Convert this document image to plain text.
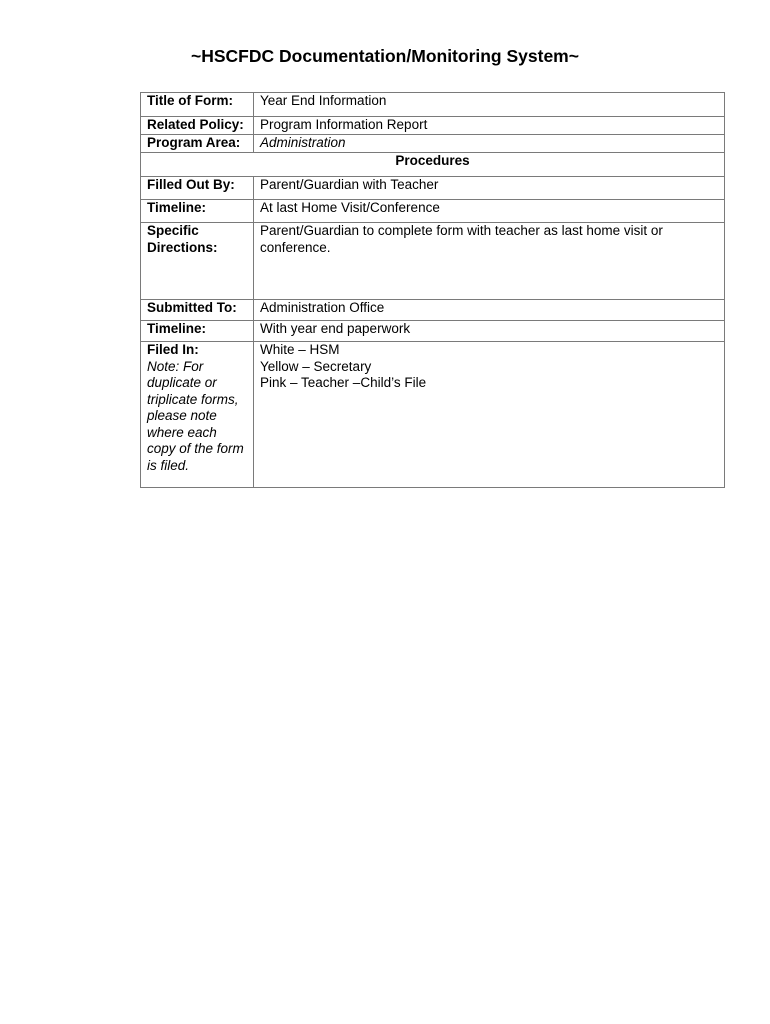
~HSCFDC Documentation/Monitoring System~
Title of Form:	Year End Information
Related Policy:	Program Information Report
Program Area:	Administration
Procedures	
Filled Out By:	Parent/Guardian with Teacher
Timeline:	At last Home Visit/Conference

Specific
Directions:	Parent/Guardian to complete form with teacher as last home visit or conference.
Submitted To:	Administration Office
Timeline:	With year end paperwork

Filed In:
Note: For duplicate or triplicate forms, please note where each copy of the form is filed.	White – HSM
Yellow – Secretary
Pink – Teacher –Child’s File
